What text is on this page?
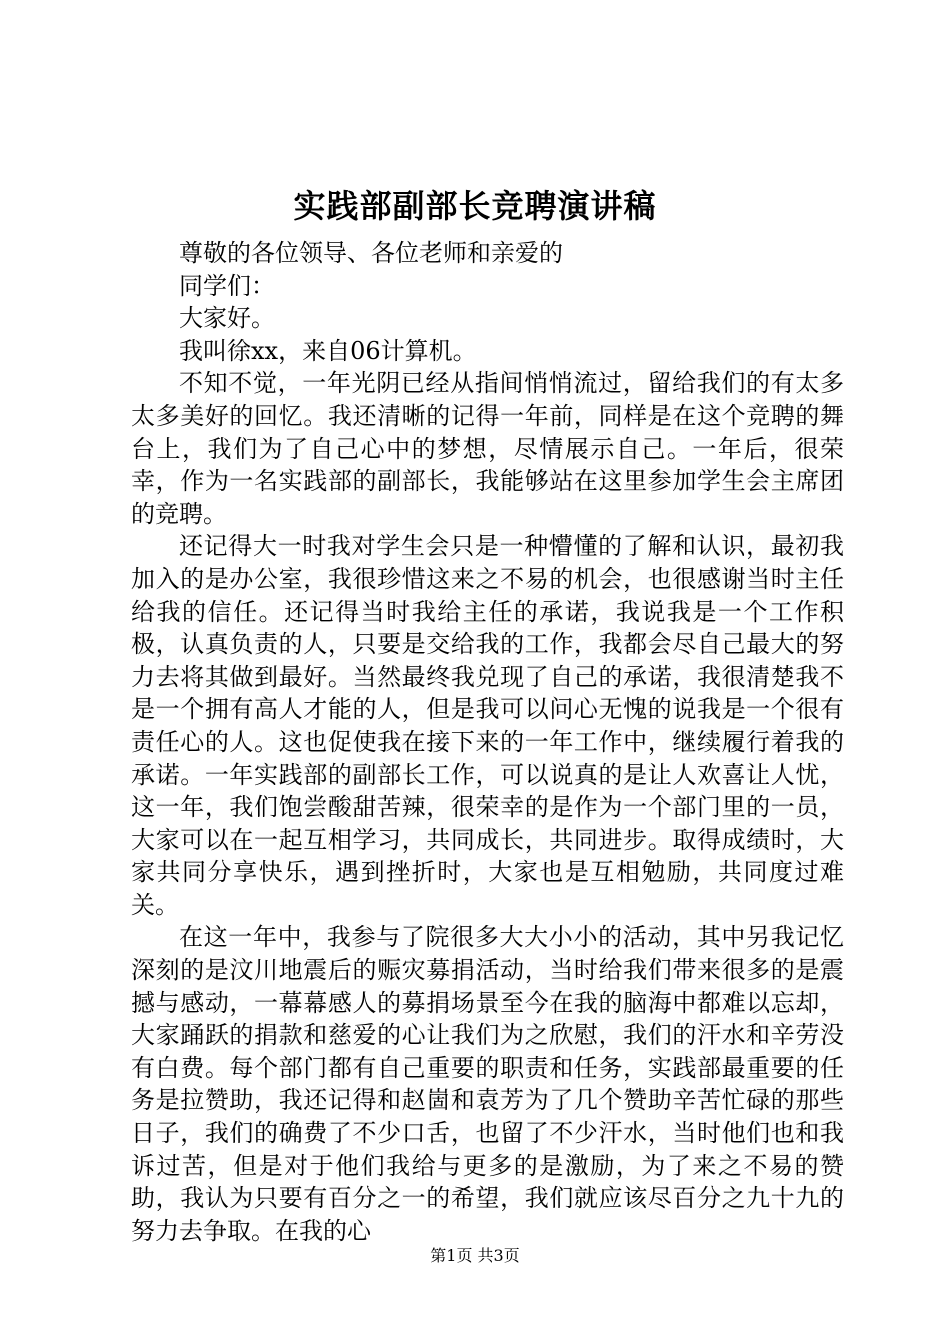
实践部副部长竞聘演讲稿

尊敬的各位领导、各位老师和亲爱的

同学们：

大家好。

我叫徐xx，来自06计算机。

不知不觉，一年光阴已经从指间悄悄流过，留给我们的有太多太多美好的回忆。我还清晰的记得一年前，同样是在这个竞聘的舞台上，我们为了自己心中的梦想，尽情展示自己。一年后，很荣幸，作为一名实践部的副部长，我能够站在这里参加学生会主席团的竞聘。

还记得大一时我对学生会只是一种懵懂的了解和认识，最初我加入的是办公室，我很珍惜这来之不易的机会，也很感谢当时主任给我的信任。还记得当时我给主任的承诺，我说我是一个工作积极，认真负责的人，只要是交给我的工作，我都会尽自己最大的努力去将其做到最好。当然最终我兑现了自己的承诺，我很清楚我不是一个拥有高人才能的人，但是我可以问心无愧的说我是一个很有责任心的人。这也促使我在接下来的一年工作中，继续履行着我的承诺。一年实践部的副部长工作，可以说真的是让人欢喜让人忧，这一年，我们饱尝酸甜苦辣，很荣幸的是作为一个部门里的一员，大家可以在一起互相学习，共同成长，共同进步。取得成绩时，大家共同分享快乐，遇到挫折时，大家也是互相勉励，共同度过难关。

在这一年中，我参与了院很多大大小小的活动，其中另我记忆深刻的是汶川地震后的赈灾募捐活动，当时给我们带来很多的是震撼与感动，一幕幕感人的募捐场景至今在我的脑海中都难以忘却，大家踊跃的捐款和慈爱的心让我们为之欣慰，我们的汗水和辛劳没有白费。每个部门都有自己重要的职责和任务，实践部最重要的任务是拉赞助，我还记得和赵崮和袁芳为了几个赞助辛苦忙碌的那些日子，我们的确费了不少口舌，也留了不少汗水，当时他们也和我诉过苦，但是对于他们我给与更多的是激励，为了来之不易的赞助，我认为只要有百分之一的希望，我们就应该尽百分之九十九的努力去争取。在我的心

第1页 共3页
